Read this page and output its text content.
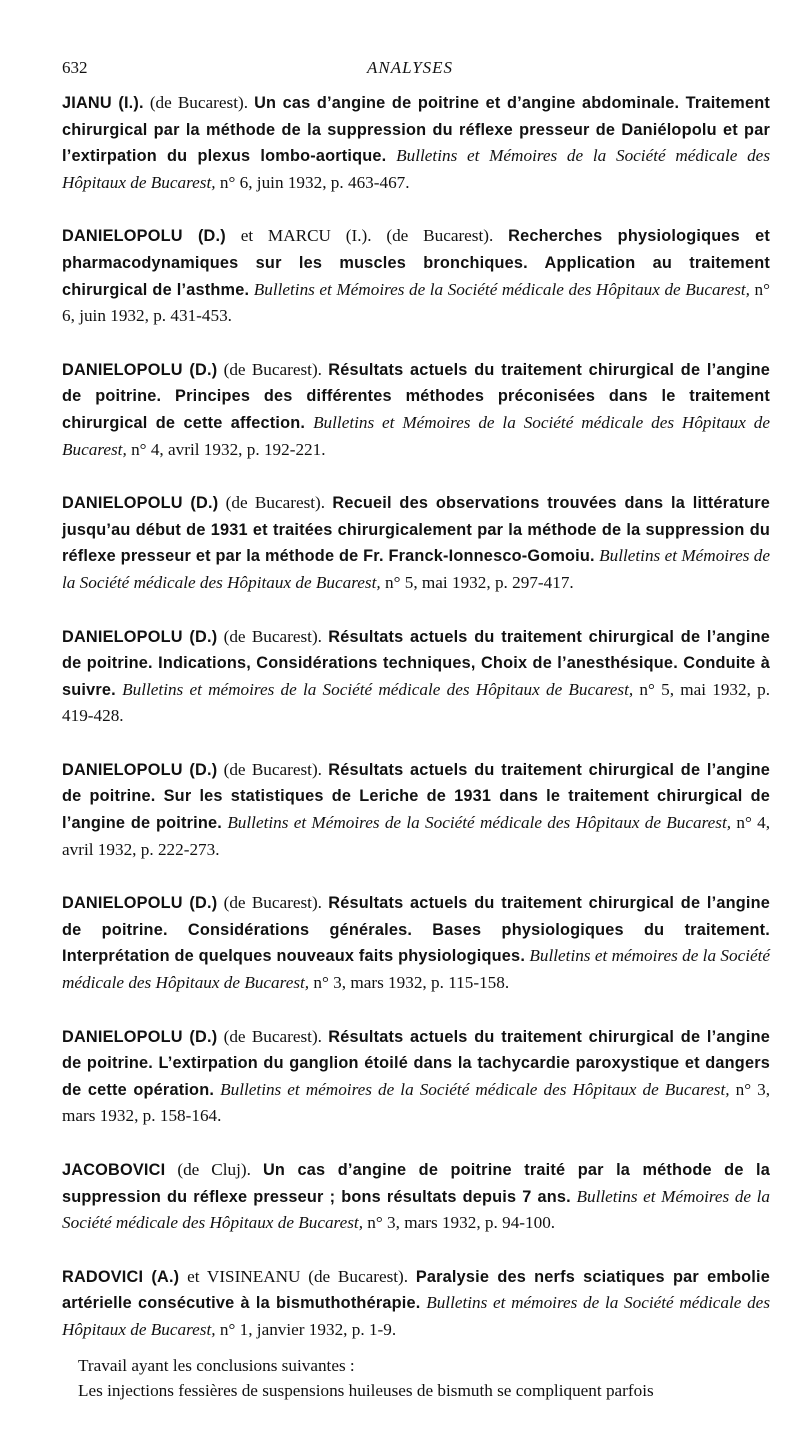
632	ANALYSES

JIANU (I.). (de Bucarest). Un cas d’angine de poitrine et d’angine abdominale. Traitement chirurgical par la méthode de la suppression du réflexe presseur de Daniélopolu et par l’extirpation du plexus lombo-aortique. Bulletins et Mémoires de la Société médicale des Hôpitaux de Bucarest, n° 6, juin 1932, p. 463-467.

DANIELOPOLU (D.) et MARCU (I.). (de Bucarest). Recherches physiologiques et pharmacodynamiques sur les muscles bronchiques. Application au traitement chirurgical de l’asthme. Bulletins et Mémoires de la Société médicale des Hôpitaux de Bucarest, n° 6, juin 1932, p. 431-453.

DANIELOPOLU (D.) (de Bucarest). Résultats actuels du traitement chirurgical de l’angine de poitrine. Principes des différentes méthodes préconisées dans le traitement chirurgical de cette affection. Bulletins et Mémoires de la Société médicale des Hôpitaux de Bucarest, n° 4, avril 1932, p. 192-221.

DANIELOPOLU (D.) (de Bucarest). Recueil des observations trouvées dans la littérature jusqu’au début de 1931 et traitées chirurgicalement par la méthode de la suppression du réflexe presseur et par la méthode de Fr. Franck-Ionnesco-Gomoiu. Bulletins et Mémoires de la Société médicale des Hôpitaux de Bucarest, n° 5, mai 1932, p. 297-417.

DANIELOPOLU (D.) (de Bucarest). Résultats actuels du traitement chirurgical de l’angine de poitrine. Indications, Considérations techniques, Choix de l’anesthésique. Conduite à suivre. Bulletins et mémoires de la Société médicale des Hôpitaux de Bucarest, n° 5, mai 1932, p. 419-428.

DANIELOPOLU (D.) (de Bucarest). Résultats actuels du traitement chirurgical de l’angine de poitrine. Sur les statistiques de Leriche de 1931 dans le traitement chirurgical de l’angine de poitrine. Bulletins et Mémoires de la Société médicale des Hôpitaux de Bucarest, n° 4, avril 1932, p. 222-273.

DANIELOPOLU (D.) (de Bucarest). Résultats actuels du traitement chirurgical de l’angine de poitrine. Considérations générales. Bases physiologiques du traitement. Interprétation de quelques nouveaux faits physiologiques. Bulletins et mémoires de la Société médicale des Hôpitaux de Bucarest, n° 3, mars 1932, p. 115-158.

DANIELOPOLU (D.) (de Bucarest). Résultats actuels du traitement chirurgical de l’angine de poitrine. L’extirpation du ganglion étoilé dans la tachycardie paroxystique et dangers de cette opération. Bulletins et mémoires de la Société médicale des Hôpitaux de Bucarest, n° 3, mars 1932, p. 158-164.

JACOBOVICI (de Cluj). Un cas d’angine de poitrine traité par la méthode de la suppression du réflexe presseur ; bons résultats depuis 7 ans. Bulletins et Mémoires de la Société médicale des Hôpitaux de Bucarest, n° 3, mars 1932, p. 94-100.

RADOVICI (A.) et VISINEANU (de Bucarest). Paralysie des nerfs sciatiques par embolie artérielle consécutive à la bismuthothérapie. Bulletins et mémoires de la Société médicale des Hôpitaux de Bucarest, n° 1, janvier 1932, p. 1-9.

Travail ayant les conclusions suivantes :

Les injections fessières de suspensions huileuses de bismuth se compliquent parfois
